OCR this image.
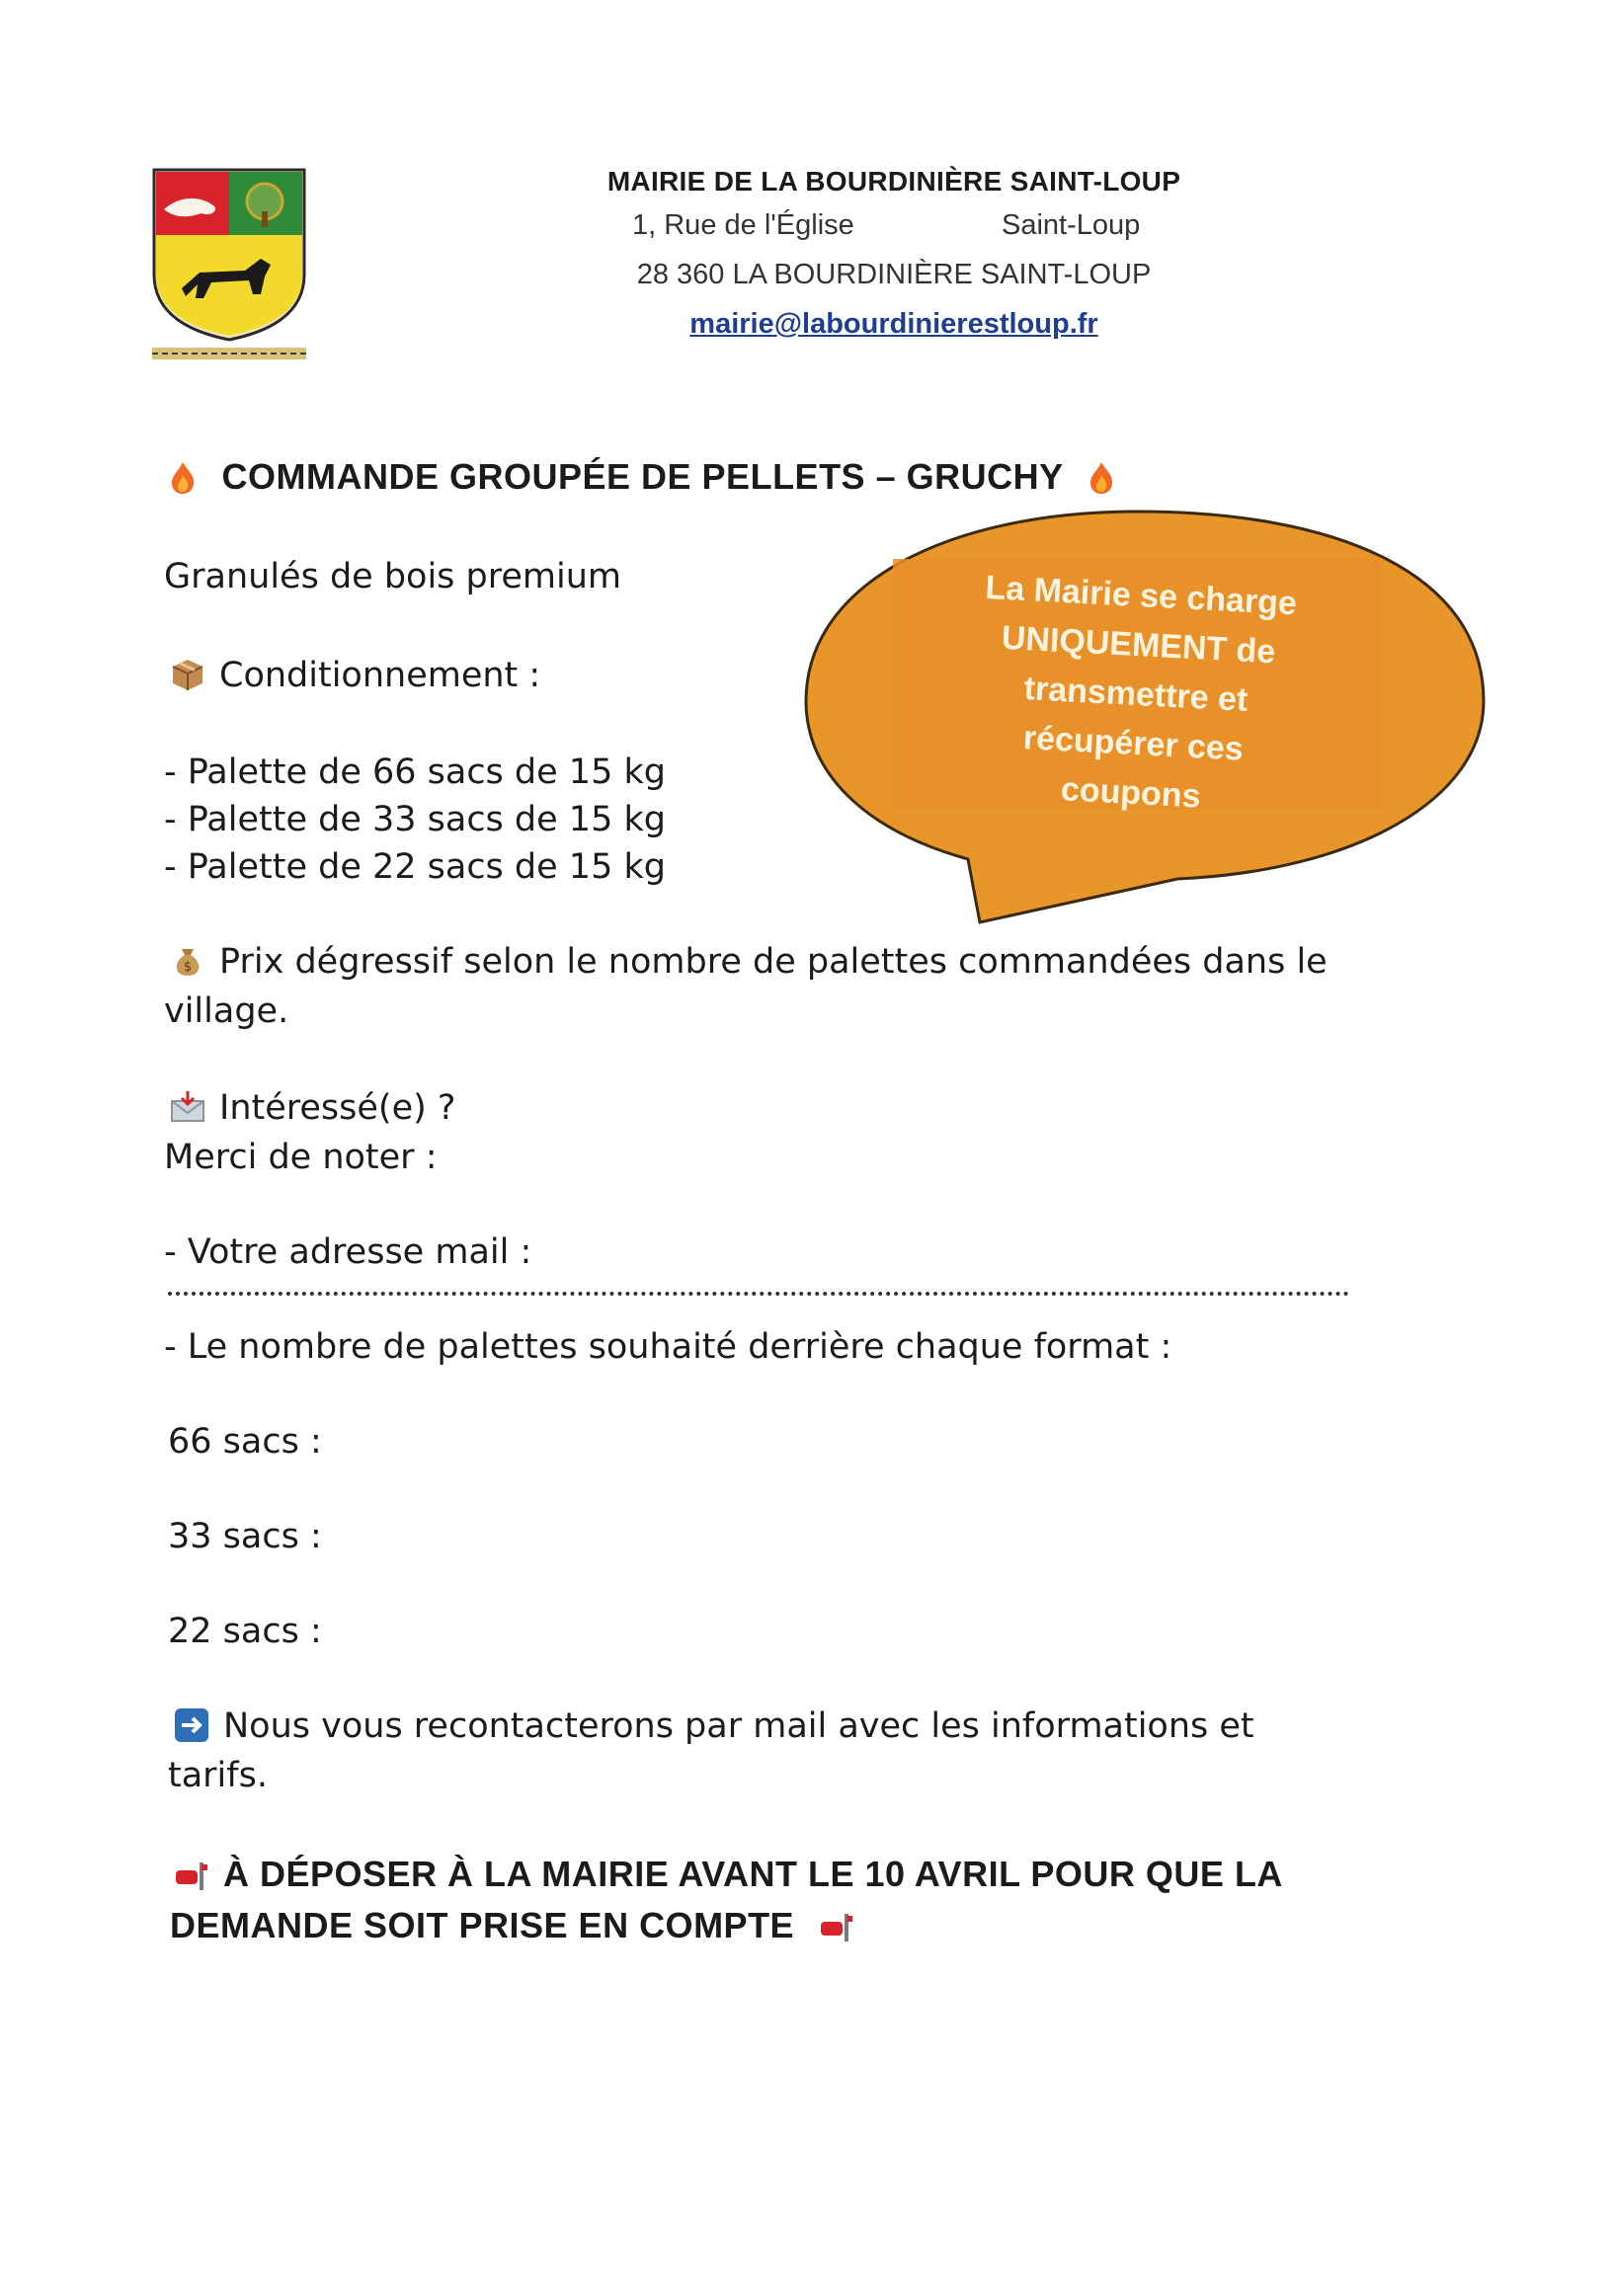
MAIRIE DE LA BOURDINIÈRE SAINT-LOUP
1, Rue de l'Église	Saint-Loup
28 360 LA BOURDINIÈRE SAINT-LOUP
mairie@labourdinierestloup.fr
COMMANDE GROUPÉE DE PELLETS – GRUCHY
Granulés de bois premium
Conditionnement :
- Palette de 66 sacs de 15 kg
- Palette de 33 sacs de 15 kg
- Palette de 22 sacs de 15 kg
La Mairie se charge
UNIQUEMENT de
transmettre et
récupérer ces
coupons
$ Prix dégressif selon le nombre de palettes commandées dans le
village.
Intéressé(e) ?
Merci de noter :
- Votre adresse mail :
- Le nombre de palettes souhaité derrière chaque format :
66 sacs :
33 sacs :
22 sacs :
Nous vous recontacterons par mail avec les informations et
tarifs.
À DÉPOSER À LA MAIRIE AVANT LE 10 AVRIL POUR QUE LA
DEMANDE SOIT PRISE EN COMPTE
